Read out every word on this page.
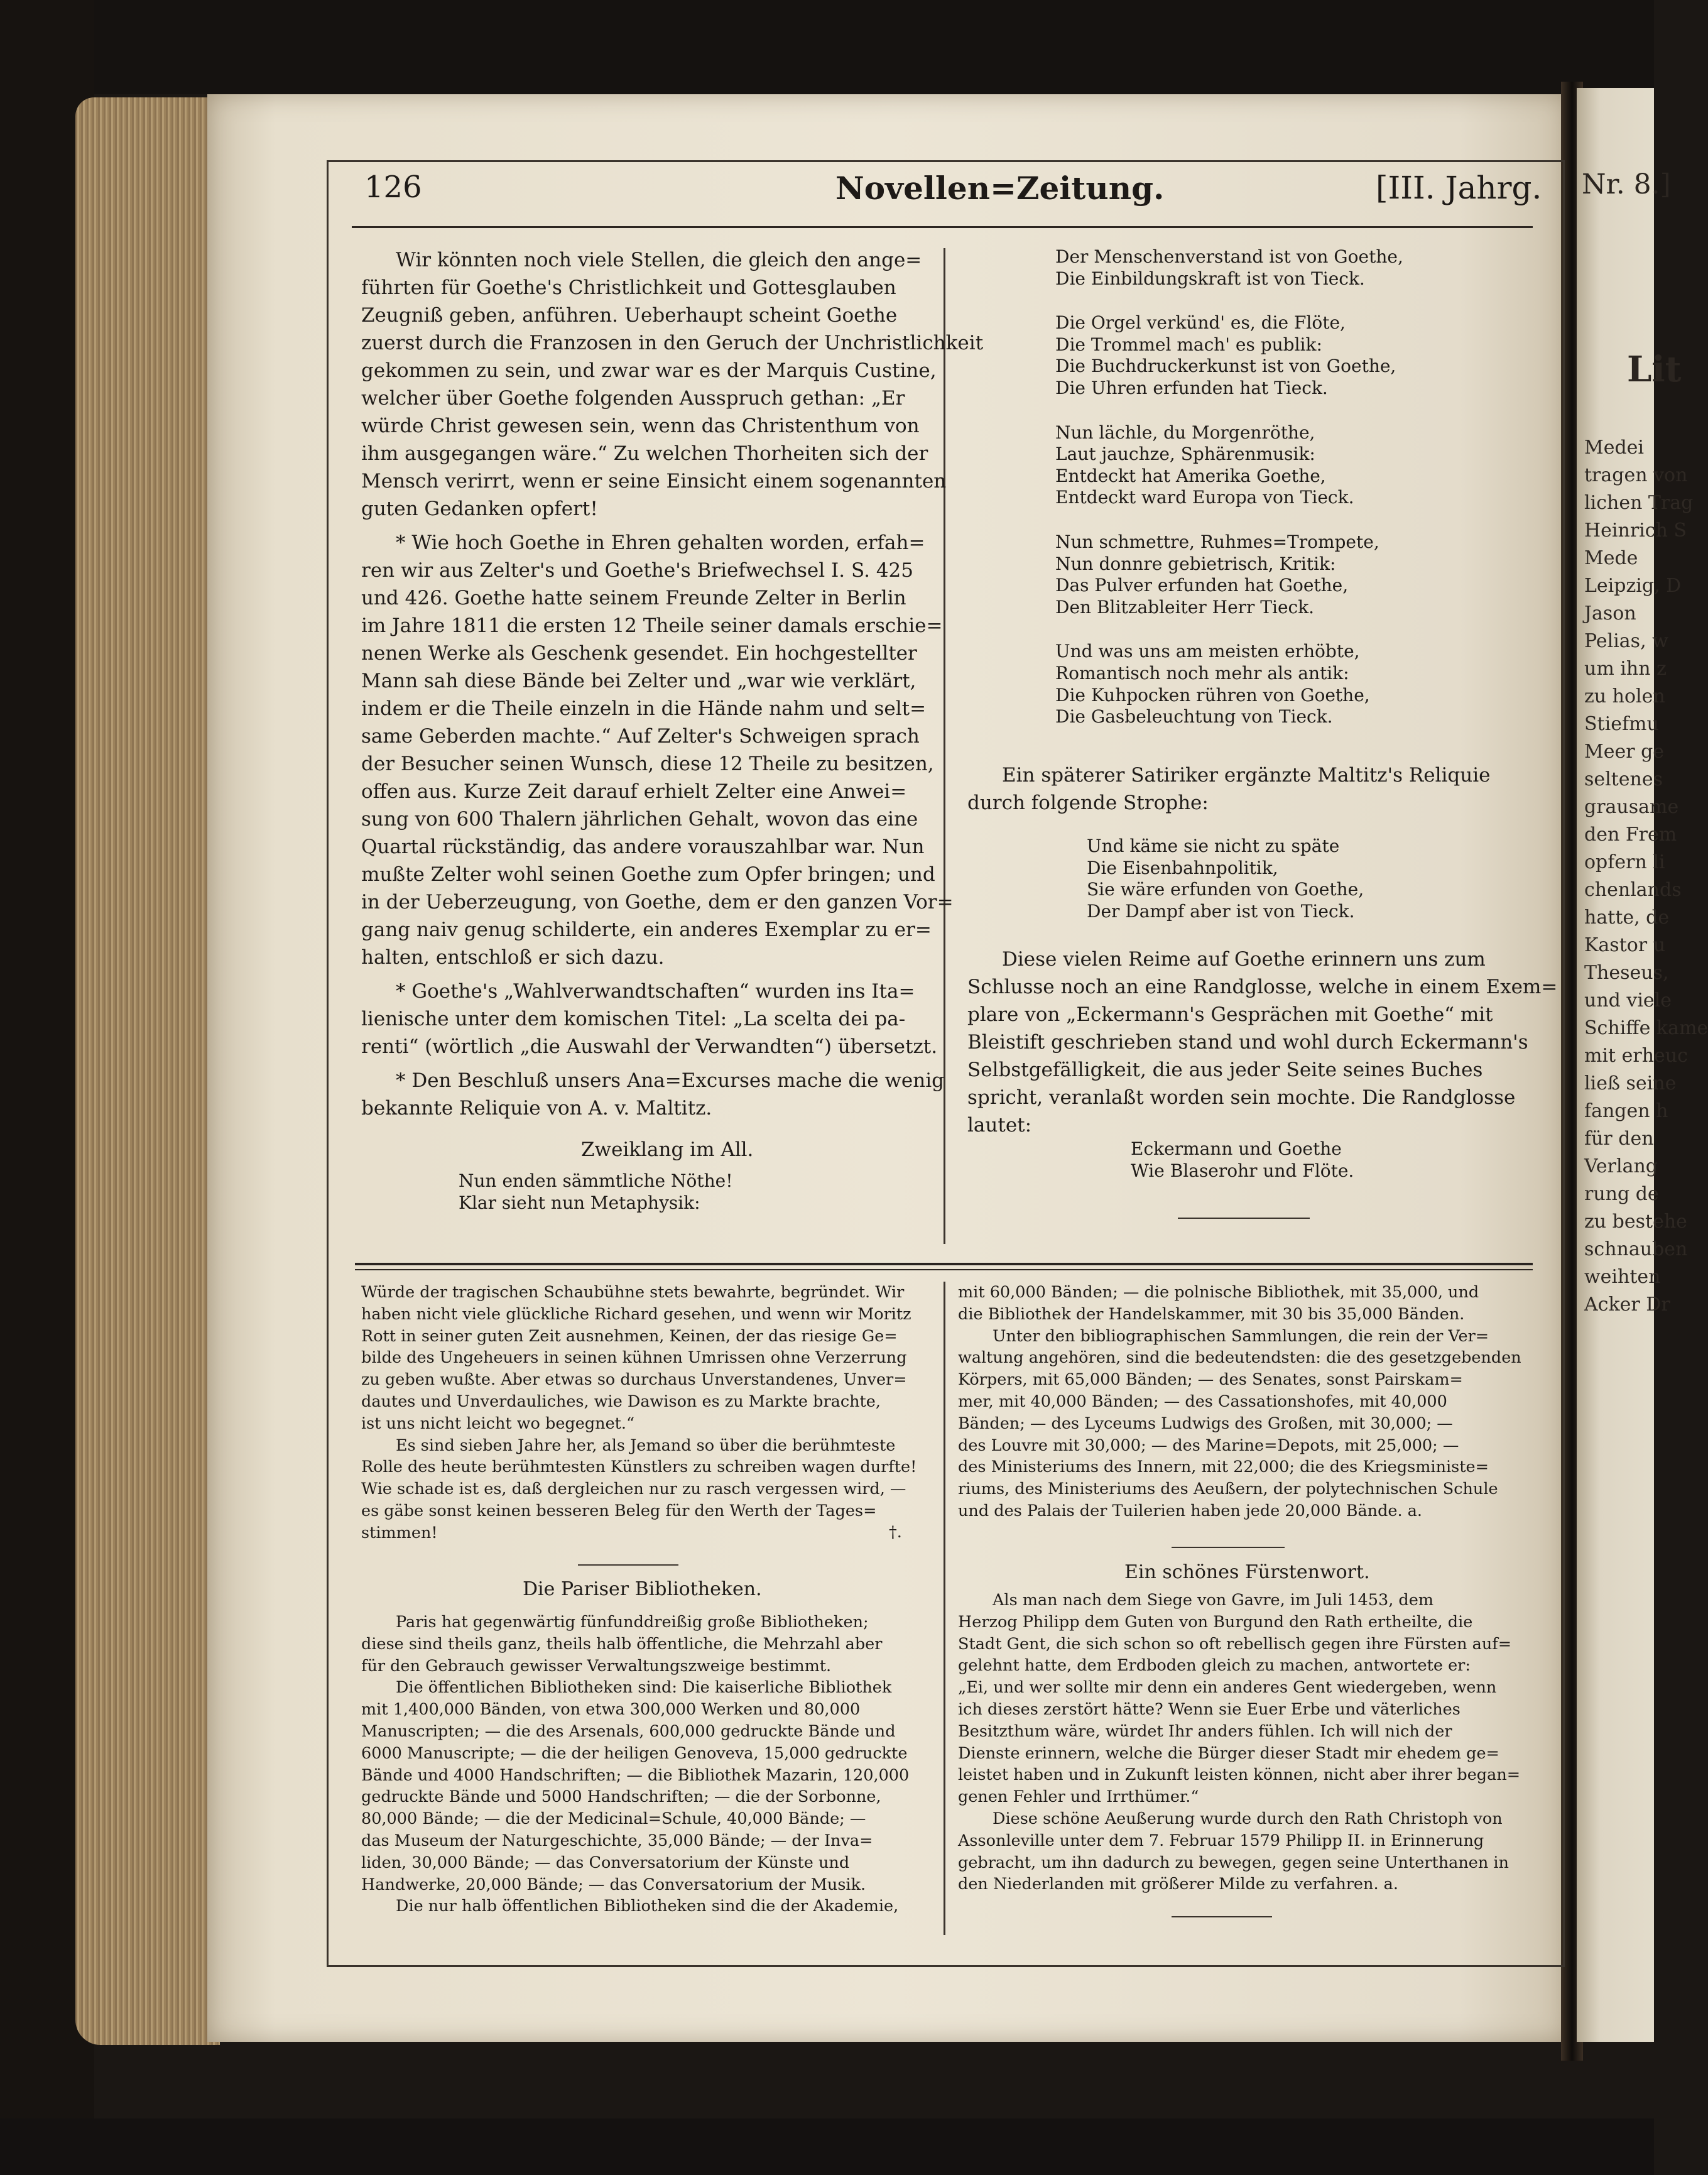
Nr. 8.]
Lit
Medei
tragen von
lichen Trag
Heinrich S
Mede
Leipzig, D
Jason
Pelias, w
um ihn z
zu holen
Stiefmu
Meer ge
seltenes
grausame
den Frem
opfern li
chenlands
hatte, de
Kastor u
Theseus,
und viele
Schiffe kame
mit erheuc
ließ seine
fangen h
für den
Verlang
rung de
zu bestehe
schnauben
weihten
Acker Dr
126	Novellen=Zeitung.	[III. Jahrg.
Wir könnten noch viele Stellen, die gleich den ange=
führten für Goethe's Christlichkeit und Gottesglauben
Zeugniß geben, anführen. Ueberhaupt scheint Goethe
zuerst durch die Franzosen in den Geruch der Unchristlichkeit
gekommen zu sein, und zwar war es der Marquis Custine,
welcher über Goethe folgenden Ausspruch gethan: „Er
würde Christ gewesen sein, wenn das Christenthum von
ihm ausgegangen wäre.“ Zu welchen Thorheiten sich der
Mensch verirrt, wenn er seine Einsicht einem sogenannten
guten Gedanken opfert!
* Wie hoch Goethe in Ehren gehalten worden, erfah=
ren wir aus Zelter's und Goethe's Briefwechsel I. S. 425
und 426. Goethe hatte seinem Freunde Zelter in Berlin
im Jahre 1811 die ersten 12 Theile seiner damals erschie=
nenen Werke als Geschenk gesendet. Ein hochgestellter
Mann sah diese Bände bei Zelter und „war wie verklärt,
indem er die Theile einzeln in die Hände nahm und selt=
same Geberden machte.“ Auf Zelter's Schweigen sprach
der Besucher seinen Wunsch, diese 12 Theile zu besitzen,
offen aus. Kurze Zeit darauf erhielt Zelter eine Anwei=
sung von 600 Thalern jährlichen Gehalt, wovon das eine
Quartal rückständig, das andere vorauszahlbar war. Nun
mußte Zelter wohl seinen Goethe zum Opfer bringen; und
in der Ueberzeugung, von Goethe, dem er den ganzen Vor=
gang naiv genug schilderte, ein anderes Exemplar zu er=
halten, entschloß er sich dazu.
* Goethe's „Wahlverwandtschaften“ wurden ins Ita=
lienische unter dem komischen Titel: „La scelta dei pa-
renti“ (wörtlich „die Auswahl der Verwandten“) übersetzt.
* Den Beschluß unsers Ana=Excurses mache die wenig
bekannte Reliquie von A. v. Maltitz.
Zweiklang im All.
Nun enden sämmtliche Nöthe!
Klar sieht nun Metaphysik:
Der Menschenverstand ist von Goethe,
Die Einbildungskraft ist von Tieck.
Die Orgel verkünd' es, die Flöte,
Die Trommel mach' es publik:
Die Buchdruckerkunst ist von Goethe,
Die Uhren erfunden hat Tieck.
Nun lächle, du Morgenröthe,
Laut jauchze, Sphärenmusik:
Entdeckt hat Amerika Goethe,
Entdeckt ward Europa von Tieck.
Nun schmettre, Ruhmes=Trompete,
Nun donnre gebietrisch, Kritik:
Das Pulver erfunden hat Goethe,
Den Blitzableiter Herr Tieck.
Und was uns am meisten erhöbte,
Romantisch noch mehr als antik:
Die Kuhpocken rühren von Goethe,
Die Gasbeleuchtung von Tieck.
Ein späterer Satiriker ergänzte Maltitz's Reliquie
durch folgende Strophe:
Und käme sie nicht zu späte
Die Eisenbahnpolitik,
Sie wäre erfunden von Goethe,
Der Dampf aber ist von Tieck.
Diese vielen Reime auf Goethe erinnern uns zum
Schlusse noch an eine Randglosse, welche in einem Exem=
plare von „Eckermann's Gesprächen mit Goethe“ mit
Bleistift geschrieben stand und wohl durch Eckermann's
Selbstgefälligkeit, die aus jeder Seite seines Buches
spricht, veranlaßt worden sein mochte. Die Randglosse
lautet:
Eckermann und Goethe
Wie Blaserohr und Flöte.
Würde der tragischen Schaubühne stets bewahrte, begründet. Wir
haben nicht viele glückliche Richard gesehen, und wenn wir Moritz
Rott in seiner guten Zeit ausnehmen, Keinen, der das riesige Ge=
bilde des Ungeheuers in seinen kühnen Umrissen ohne Verzerrung
zu geben wußte. Aber etwas so durchaus Unverstandenes, Unver=
dautes und Unverdauliches, wie Dawison es zu Markte brachte,
ist uns nicht leicht wo begegnet.“
Es sind sieben Jahre her, als Jemand so über die berühmteste
Rolle des heute berühmtesten Künstlers zu schreiben wagen durfte!
Wie schade ist es, daß dergleichen nur zu rasch vergessen wird, —
es gäbe sonst keinen besseren Beleg für den Werth der Tages=
stimmen!	†.
Die Pariser Bibliotheken.
Paris hat gegenwärtig fünfunddreißig große Bibliotheken;
diese sind theils ganz, theils halb öffentliche, die Mehrzahl aber
für den Gebrauch gewisser Verwaltungszweige bestimmt.
Die öffentlichen Bibliotheken sind: Die kaiserliche Bibliothek
mit 1,400,000 Bänden, von etwa 300,000 Werken und 80,000
Manuscripten; — die des Arsenals, 600,000 gedruckte Bände und
6000 Manuscripte; — die der heiligen Genoveva, 15,000 gedruckte
Bände und 4000 Handschriften; — die Bibliothek Mazarin, 120,000
gedruckte Bände und 5000 Handschriften; — die der Sorbonne,
80,000 Bände; — die der Medicinal=Schule, 40,000 Bände; —
das Museum der Naturgeschichte, 35,000 Bände; — der Inva=
liden, 30,000 Bände; — das Conversatorium der Künste und
Handwerke, 20,000 Bände; — das Conversatorium der Musik.
Die nur halb öffentlichen Bibliotheken sind die der Akademie,
mit 60,000 Bänden; — die polnische Bibliothek, mit 35,000, und
die Bibliothek der Handelskammer, mit 30 bis 35,000 Bänden.
Unter den bibliographischen Sammlungen, die rein der Ver=
waltung angehören, sind die bedeutendsten: die des gesetzgebenden
Körpers, mit 65,000 Bänden; — des Senates, sonst Pairskam=
mer, mit 40,000 Bänden; — des Cassationshofes, mit 40,000
Bänden; — des Lyceums Ludwigs des Großen, mit 30,000; —
des Louvre mit 30,000; — des Marine=Depots, mit 25,000; —
des Ministeriums des Innern, mit 22,000; die des Kriegsministe=
riums, des Ministeriums des Aeußern, der polytechnischen Schule
und des Palais der Tuilerien haben jede 20,000 Bände. a.
Ein schönes Fürstenwort.
Als man nach dem Siege von Gavre, im Juli 1453, dem
Herzog Philipp dem Guten von Burgund den Rath ertheilte, die
Stadt Gent, die sich schon so oft rebellisch gegen ihre Fürsten auf=
gelehnt hatte, dem Erdboden gleich zu machen, antwortete er:
„Ei, und wer sollte mir denn ein anderes Gent wiedergeben, wenn
ich dieses zerstört hätte? Wenn sie Euer Erbe und väterliches
Besitzthum wäre, würdet Ihr anders fühlen. Ich will nich der
Dienste erinnern, welche die Bürger dieser Stadt mir ehedem ge=
leistet haben und in Zukunft leisten können, nicht aber ihrer began=
genen Fehler und Irrthümer.“
Diese schöne Aeußerung wurde durch den Rath Christoph von
Assonleville unter dem 7. Februar 1579 Philipp II. in Erinnerung
gebracht, um ihn dadurch zu bewegen, gegen seine Unterthanen in
den Niederlanden mit größerer Milde zu verfahren. a.
